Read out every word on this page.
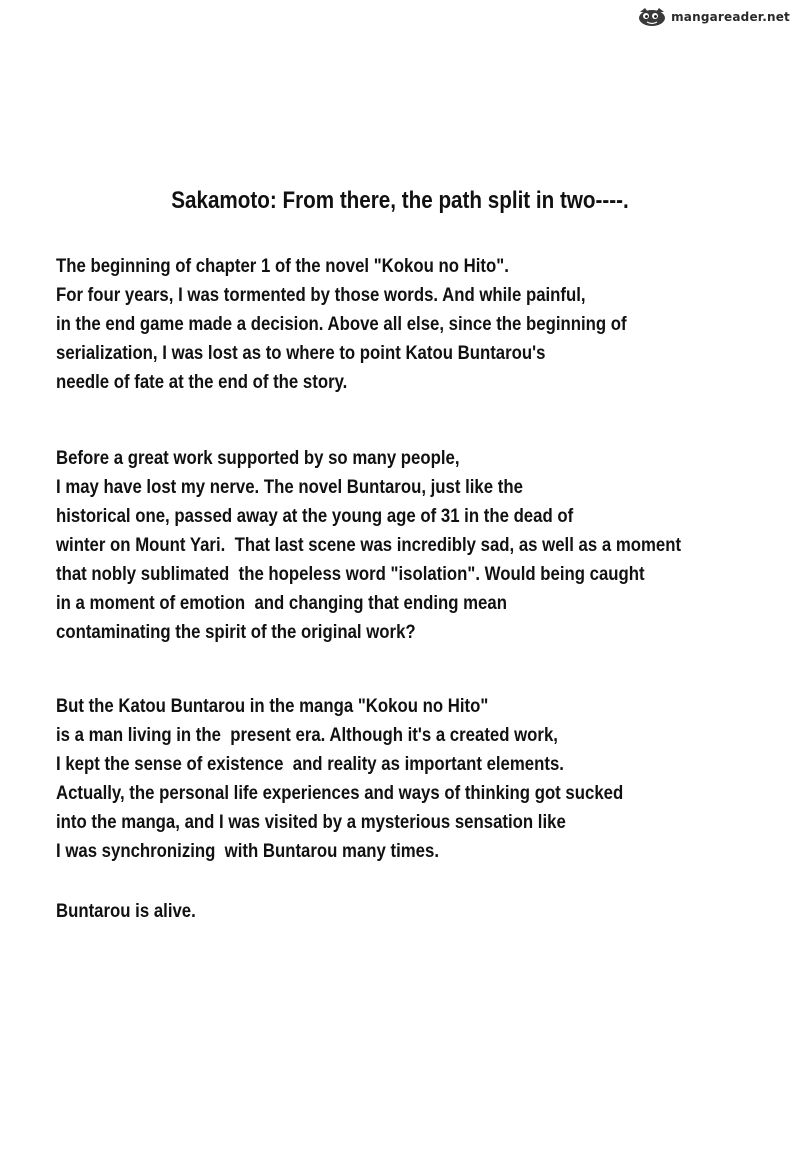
mangareader.net
Sakamoto: From there, the path split in two----.
The beginning of chapter 1 of the novel "Kokou no Hito".
For four years, I was tormented by those words. And while painful,
in the end game made a decision. Above all else, since the beginning of
serialization, I was lost as to where to point Katou Buntarou's
needle of fate at the end of the story.
Before a great work supported by so many people,
I may have lost my nerve. The novel Buntarou, just like the
historical one, passed away at the young age of 31 in the dead of
winter on Mount Yari.  That last scene was incredibly sad, as well as a moment
that nobly sublimated  the hopeless word "isolation". Would being caught
in a moment of emotion  and changing that ending mean
contaminating the spirit of the original work?
But the Katou Buntarou in the manga "Kokou no Hito"
is a man living in the  present era. Although it's a created work,
I kept the sense of existence  and reality as important elements.
Actually, the personal life experiences and ways of thinking got sucked
into the manga, and I was visited by a mysterious sensation like
I was synchronizing  with Buntarou many times.
Buntarou is alive.
